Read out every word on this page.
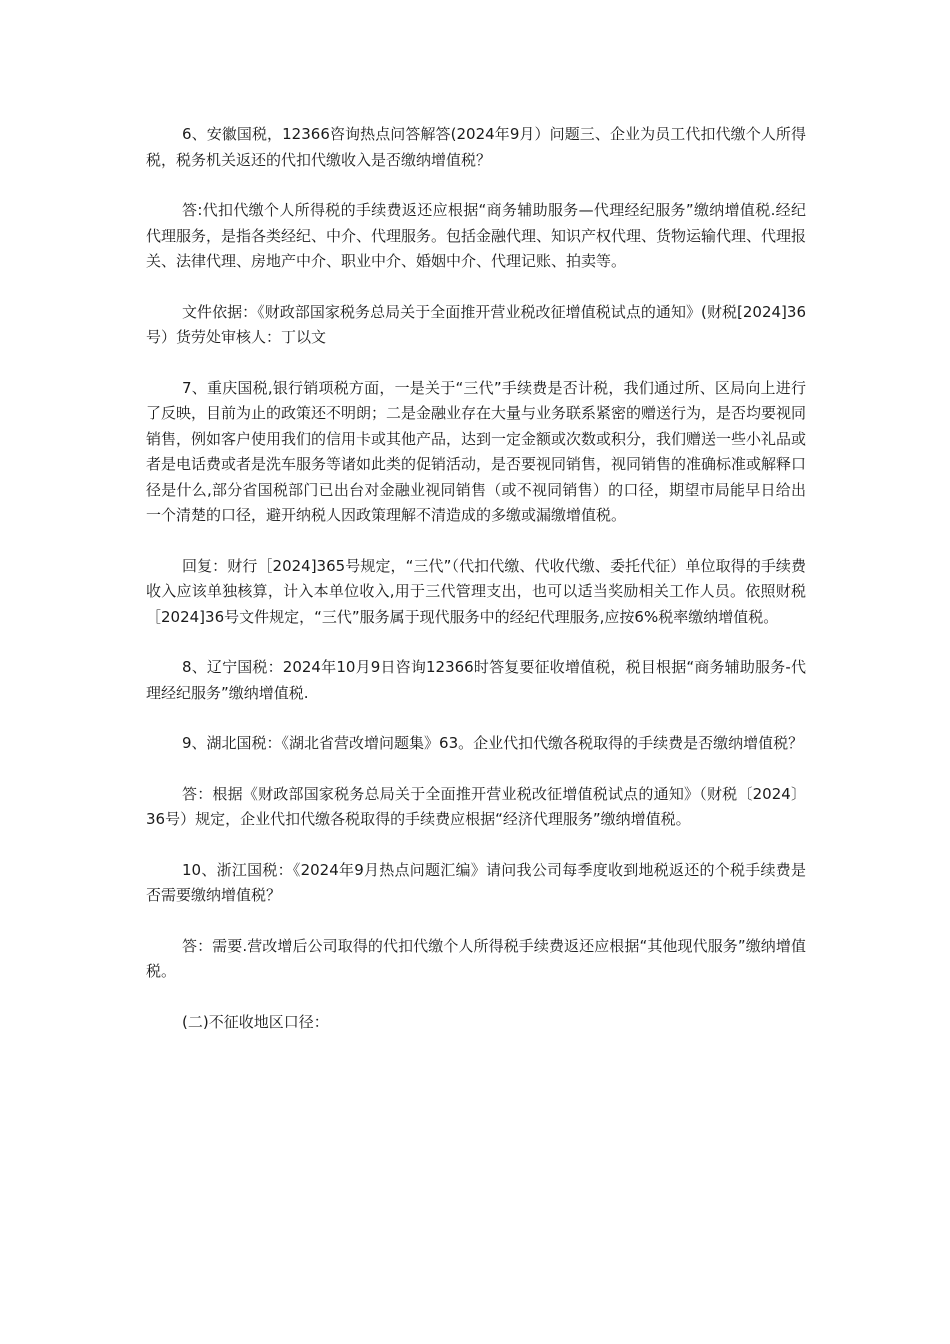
6、安徽国税，12366咨询热点问答解答(2024年9月）问题三、企业为员工代扣代缴个人所得税，税务机关返还的代扣代缴收入是否缴纳增值税？

答:代扣代缴个人所得税的手续费返还应根据“商务辅助服务—代理经纪服务”缴纳增值税.经纪代理服务，是指各类经纪、中介、代理服务。包括金融代理、知识产权代理、货物运输代理、代理报关、法律代理、房地产中介、职业中介、婚姻中介、代理记账、拍卖等。

文件依据：《财政部国家税务总局关于全面推开营业税改征增值税试点的通知》(财税[2024]36号）货劳处审核人：丁以文

7、重庆国税,银行销项税方面，一是关于“三代”手续费是否计税，我们通过所、区局向上进行了反映，目前为止的政策还不明朗；二是金融业存在大量与业务联系紧密的赠送行为，是否均要视同销售，例如客户使用我们的信用卡或其他产品，达到一定金额或次数或积分，我们赠送一些小礼品或者是电话费或者是洗车服务等诸如此类的促销活动，是否要视同销售，视同销售的准确标准或解释口径是什么,部分省国税部门已出台对金融业视同销售（或不视同销售）的口径，期望市局能早日给出一个清楚的口径，避开纳税人因政策理解不清造成的多缴或漏缴增值税。

回复：财行［2024]365号规定，“三代”（代扣代缴、代收代缴、委托代征）单位取得的手续费收入应该单独核算，计入本单位收入,用于三代管理支出，也可以适当奖励相关工作人员。依照财税［2024]36号文件规定，“三代”服务属于现代服务中的经纪代理服务,应按6%税率缴纳增值税。

8、辽宁国税：2024年10月9日咨询12366时答复要征收增值税，税目根据“商务辅助服务-代理经纪服务”缴纳增值税.

9、湖北国税：《湖北省营改增问题集》63。企业代扣代缴各税取得的手续费是否缴纳增值税？

答：根据《财政部国家税务总局关于全面推开营业税改征增值税试点的通知》（财税〔2024〕36号）规定，企业代扣代缴各税取得的手续费应根据“经济代理服务”缴纳增值税。

10、浙江国税：《2024年9月热点问题汇编》请问我公司每季度收到地税返还的个税手续费是否需要缴纳增值税？

答：需要.营改增后公司取得的代扣代缴个人所得税手续费返还应根据“其他现代服务”缴纳增值税。

(二)不征收地区口径：
